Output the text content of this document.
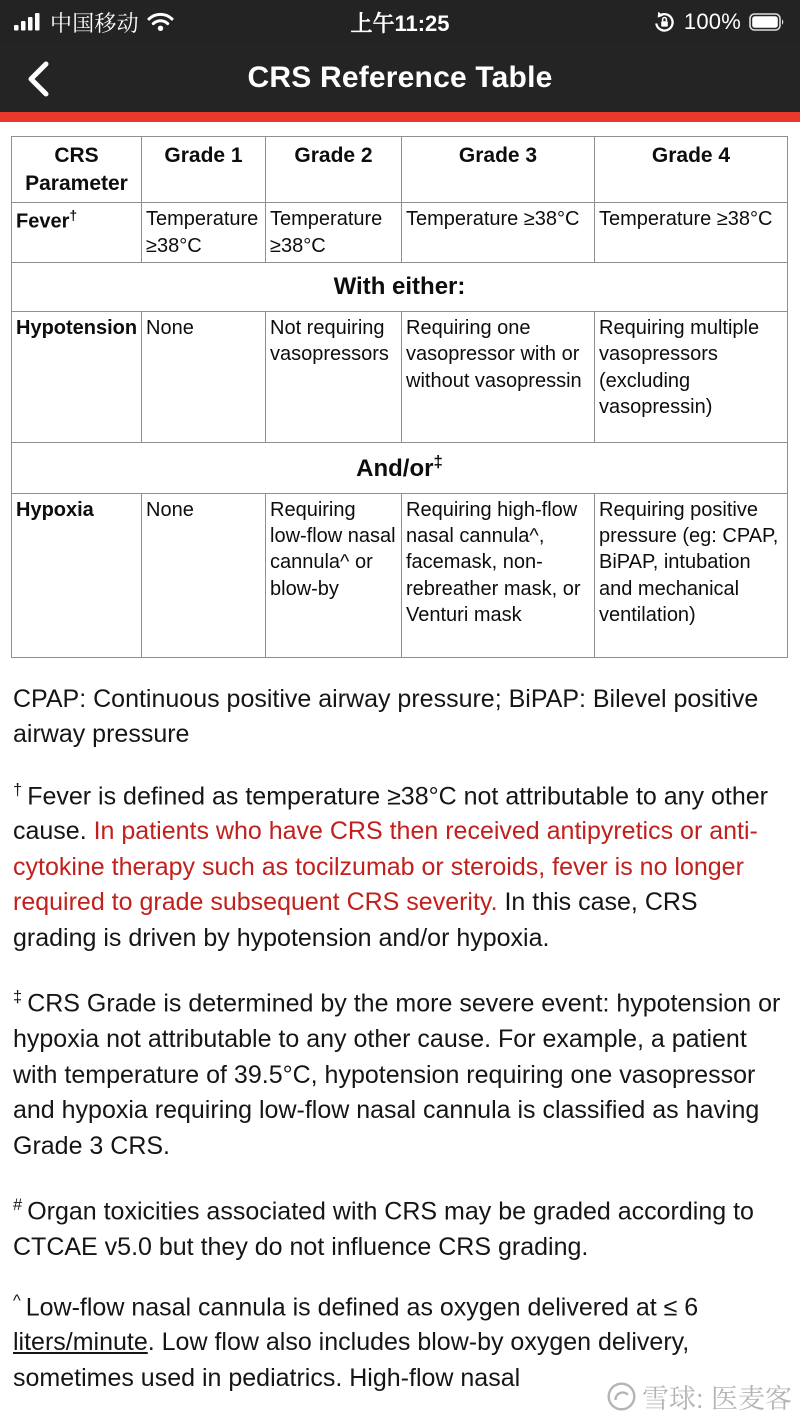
中国移动	上午11:25	100%
CRS Reference Table
CRS Parameter	Grade 1	Grade 2	Grade 3	Grade 4
Fever†	Temperature ≥38°C	Temperature ≥38°C	Temperature ≥38°C	Temperature ≥38°C
With either:				
Hypotension	None	Not requiring vasopressors	Requiring one vasopressor with or without vasopressin	Requiring multiple vasopressors (excluding vasopressin)
And/or‡
Hypoxia	None	Requiring low-flow nasal cannula^ or blow-by	Requiring high-flow nasal cannula^, facemask, non-rebreather mask, or Venturi mask	Requiring positive pressure (eg: CPAP, BiPAP, intubation and mechanical ventilation)

CPAP: Continuous positive airway pressure; BiPAP: Bilevel positive airway pressure

† Fever is defined as temperature ≥38°C not attributable to any other cause. In patients who have CRS then received antipyretics or anti-cytokine therapy such as tocilzumab or steroids, fever is no longer required to grade subsequent CRS severity. In this case, CRS grading is driven by hypotension and/or hypoxia.

‡ CRS Grade is determined by the more severe event: hypotension or hypoxia not attributable to any other cause. For example, a patient with temperature of 39.5°C, hypotension requiring one vasopressor and hypoxia requiring low-flow nasal cannula is classified as having Grade 3 CRS.

# Organ toxicities associated with CRS may be graded according to CTCAE v5.0 but they do not influence CRS grading.

^ Low-flow nasal cannula is defined as oxygen delivered at ≤ 6 liters/minute. Low flow also includes blow-by oxygen delivery, sometimes used in pediatrics. High-flow nasal

雪球: 医麦客
